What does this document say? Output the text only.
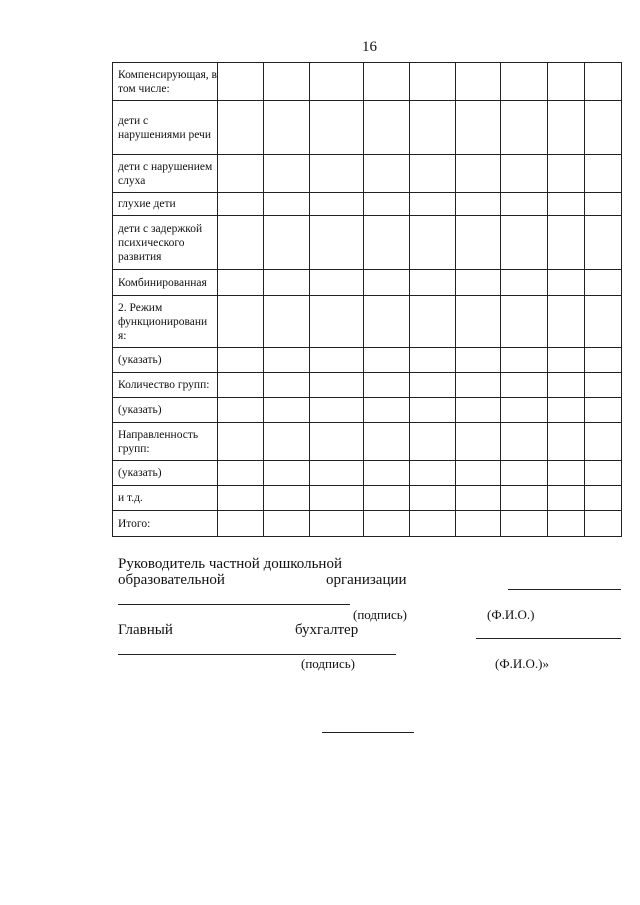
16
Компенсирующая, в том числе:									
дети с нарушениями речи									
дети с нарушением слуха									
глухие дети									
дети с задержкой психического развития									
Комбинированная									
2. Режим функционировани я:									
(указать)									
Количество групп:									
(указать)									
Направленность групп:									
(указать)									
и т.д.									
Итого:									
Руководитель частной дошкольной
образовательной	организации
(подпись)	(Ф.И.О.)
Главный	бухгалтер
(подпись)	(Ф.И.О.)»
